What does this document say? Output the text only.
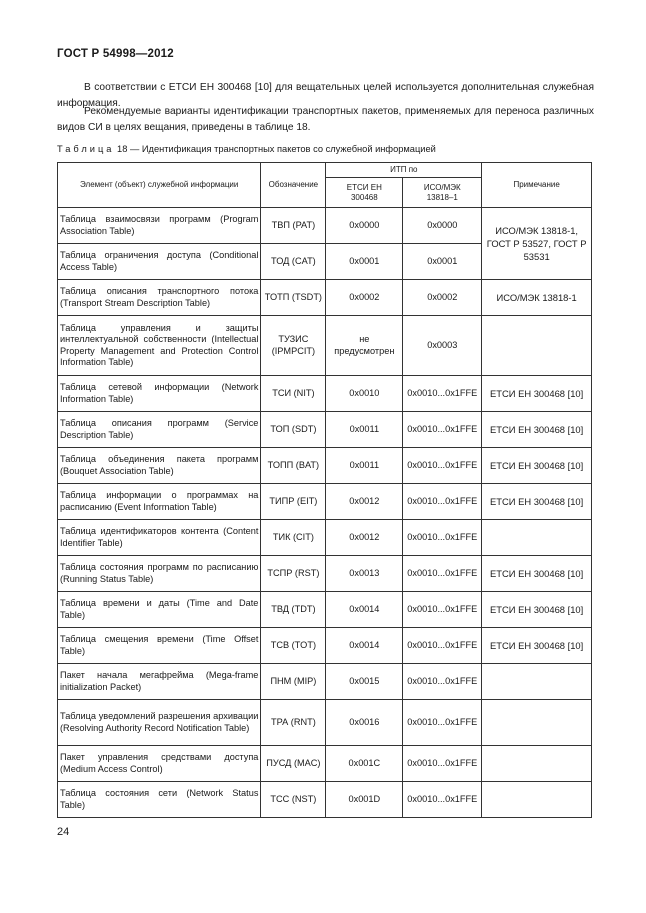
ГОСТ Р 54998—2012
В соответствии с ЕТСИ ЕН 300468 [10] для вещательных целей используется дополнительная служебная информация.
Рекомендуемые варианты идентификации транспортных пакетов, применяемых для переноса различных видов СИ в целях вещания, приведены в таблице 18.
Таблица 18 — Идентификация транспортных пакетов со служебной информацией
Элемент (объект) служебной информации	Обозначение	ИТП по		Примечание
		ЕТСИ ЕН 300468	ИСО/МЭК 13818–1	
Таблица взаимосвязи программ (Program Association Table)	ТВП (PAT)	0x0000	0x0000	ИСО/МЭК 13818-1, ГОСТ Р 53527, ГОСТ Р 53531
Таблица ограничения доступа (Conditional Access Table)	ТОД (CAT)	0x0001	0x0001	
Таблица описания транспортного потока (Transport Stream Description Table)	ТОТП (TSDT)	0x0002	0x0002	ИСО/МЭК 13818-1
Таблица управления и защиты интеллектуальной собственности (Intellectual Property Management and Protection Control Information Table)	ТУЗИС (IPMPCIT)	не предусмотрен	0x0003	
Таблица сетевой информации (Network Information Table)	ТСИ (NIT)	0x0010	0x0010...0x1FFE	ЕТСИ ЕН 300468 [10]
Таблица описания программ (Service Description Table)	ТОП (SDT)	0x0011	0x0010...0x1FFE	ЕТСИ ЕН 300468 [10]
Таблица объединения пакета программ (Bouquet Association Table)	ТОПП (BAT)	0x0011	0x0010...0x1FFE	ЕТСИ ЕН 300468 [10]
Таблица информации о программах на расписанию (Event Information Table)	ТИПР (EIT)	0x0012	0x0010...0x1FFE	ЕТСИ ЕН 300468 [10]
Таблица идентификаторов контента (Content Identifier Table)	ТИК (CIT)	0x0012	0x0010...0x1FFE	
Таблица состояния программ по расписанию (Running Status Table)	ТСПР (RST)	0x0013	0x0010...0x1FFE	ЕТСИ ЕН 300468 [10]
Таблица времени и даты (Time and Date Table)	ТВД (TDT)	0x0014	0x0010...0x1FFE	ЕТСИ ЕН 300468 [10]
Таблица смещения времени (Time Offset Table)	ТСВ (TOT)	0x0014	0x0010...0x1FFE	ЕТСИ ЕН 300468 [10]
Пакет начала мегафрейма (Mega-frame initialization Packet)	ПНМ (MIP)	0x0015	0x0010...0x1FFE	
Таблица уведомлений разрешения архивации (Resolving Authority Record Notification Table)	ТРА (RNT)	0x0016	0x0010...0x1FFE	
Пакет управления средствами доступа (Medium Access Control)	ПУСД (MAC)	0x001C	0x0010...0x1FFE	
Таблица состояния сети (Network Status Table)	ТСС (NST)	0x001D	0x0010...0x1FFE	
24
